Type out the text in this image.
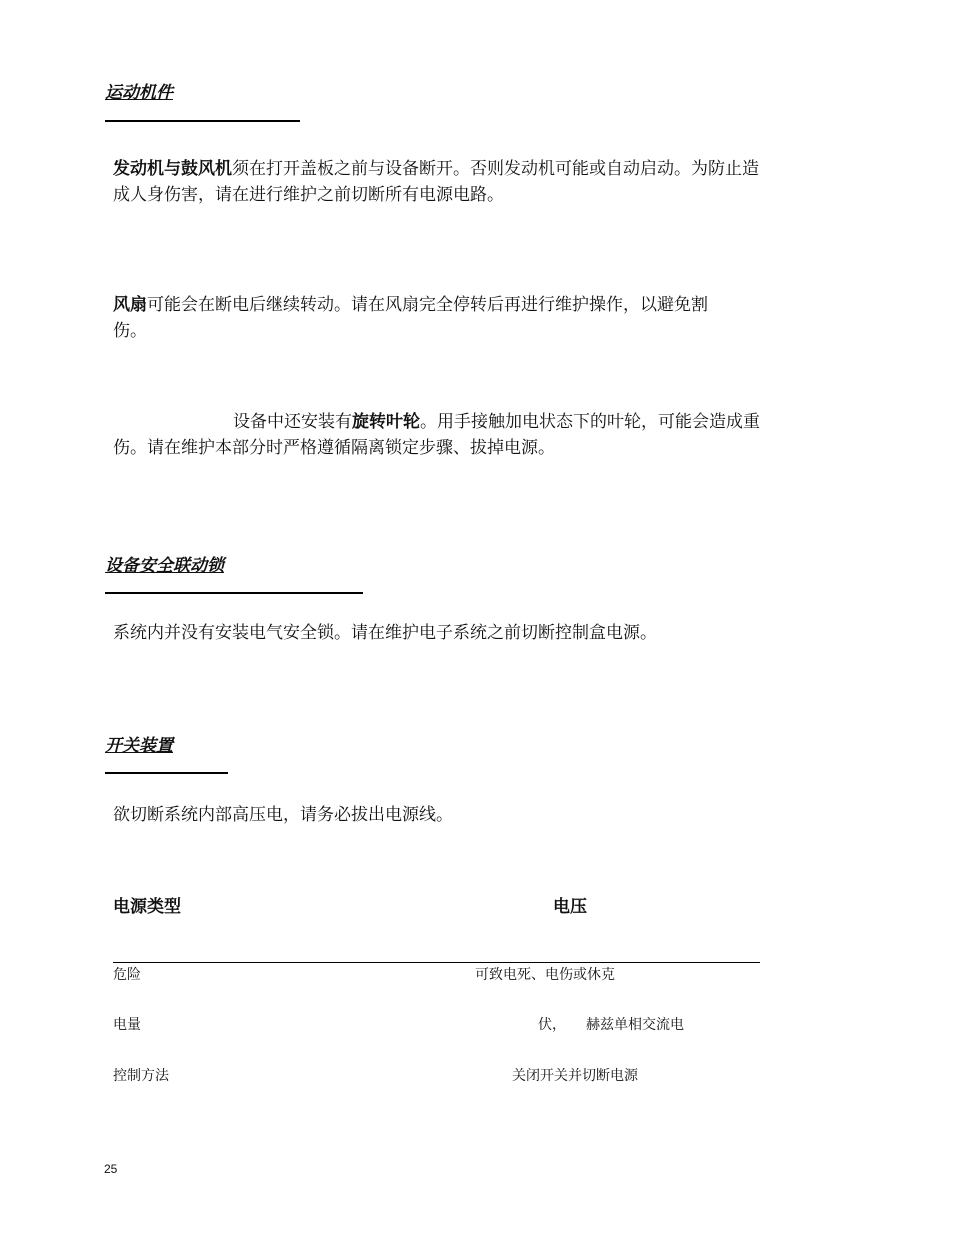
运动机件
发动机与鼓风机须在打开盖板之前与设备断开。否则发动机可能或自动启动。为防止造
成人身伤害，请在进行维护之前切断所有电源电路。
风扇可能会在断电后继续转动。请在风扇完全停转后再进行维护操作，以避免割
伤。
设备中还安装有旋转叶轮。用手接触加电状态下的叶轮，可能会造成重
伤。请在维护本部分时严格遵循隔离锁定步骤、拔掉电源。
设备安全联动锁
系统内并没有安装电气安全锁。请在维护电子系统之前切断控制盒电源。
开关装置
欲切断系统内部高压电，请务必拔出电源线。
电源类型	电压
危险	可致电死、电伤或休克
电量	伏， 赫兹单相交流电
控制方法	关闭开关并切断电源
25
